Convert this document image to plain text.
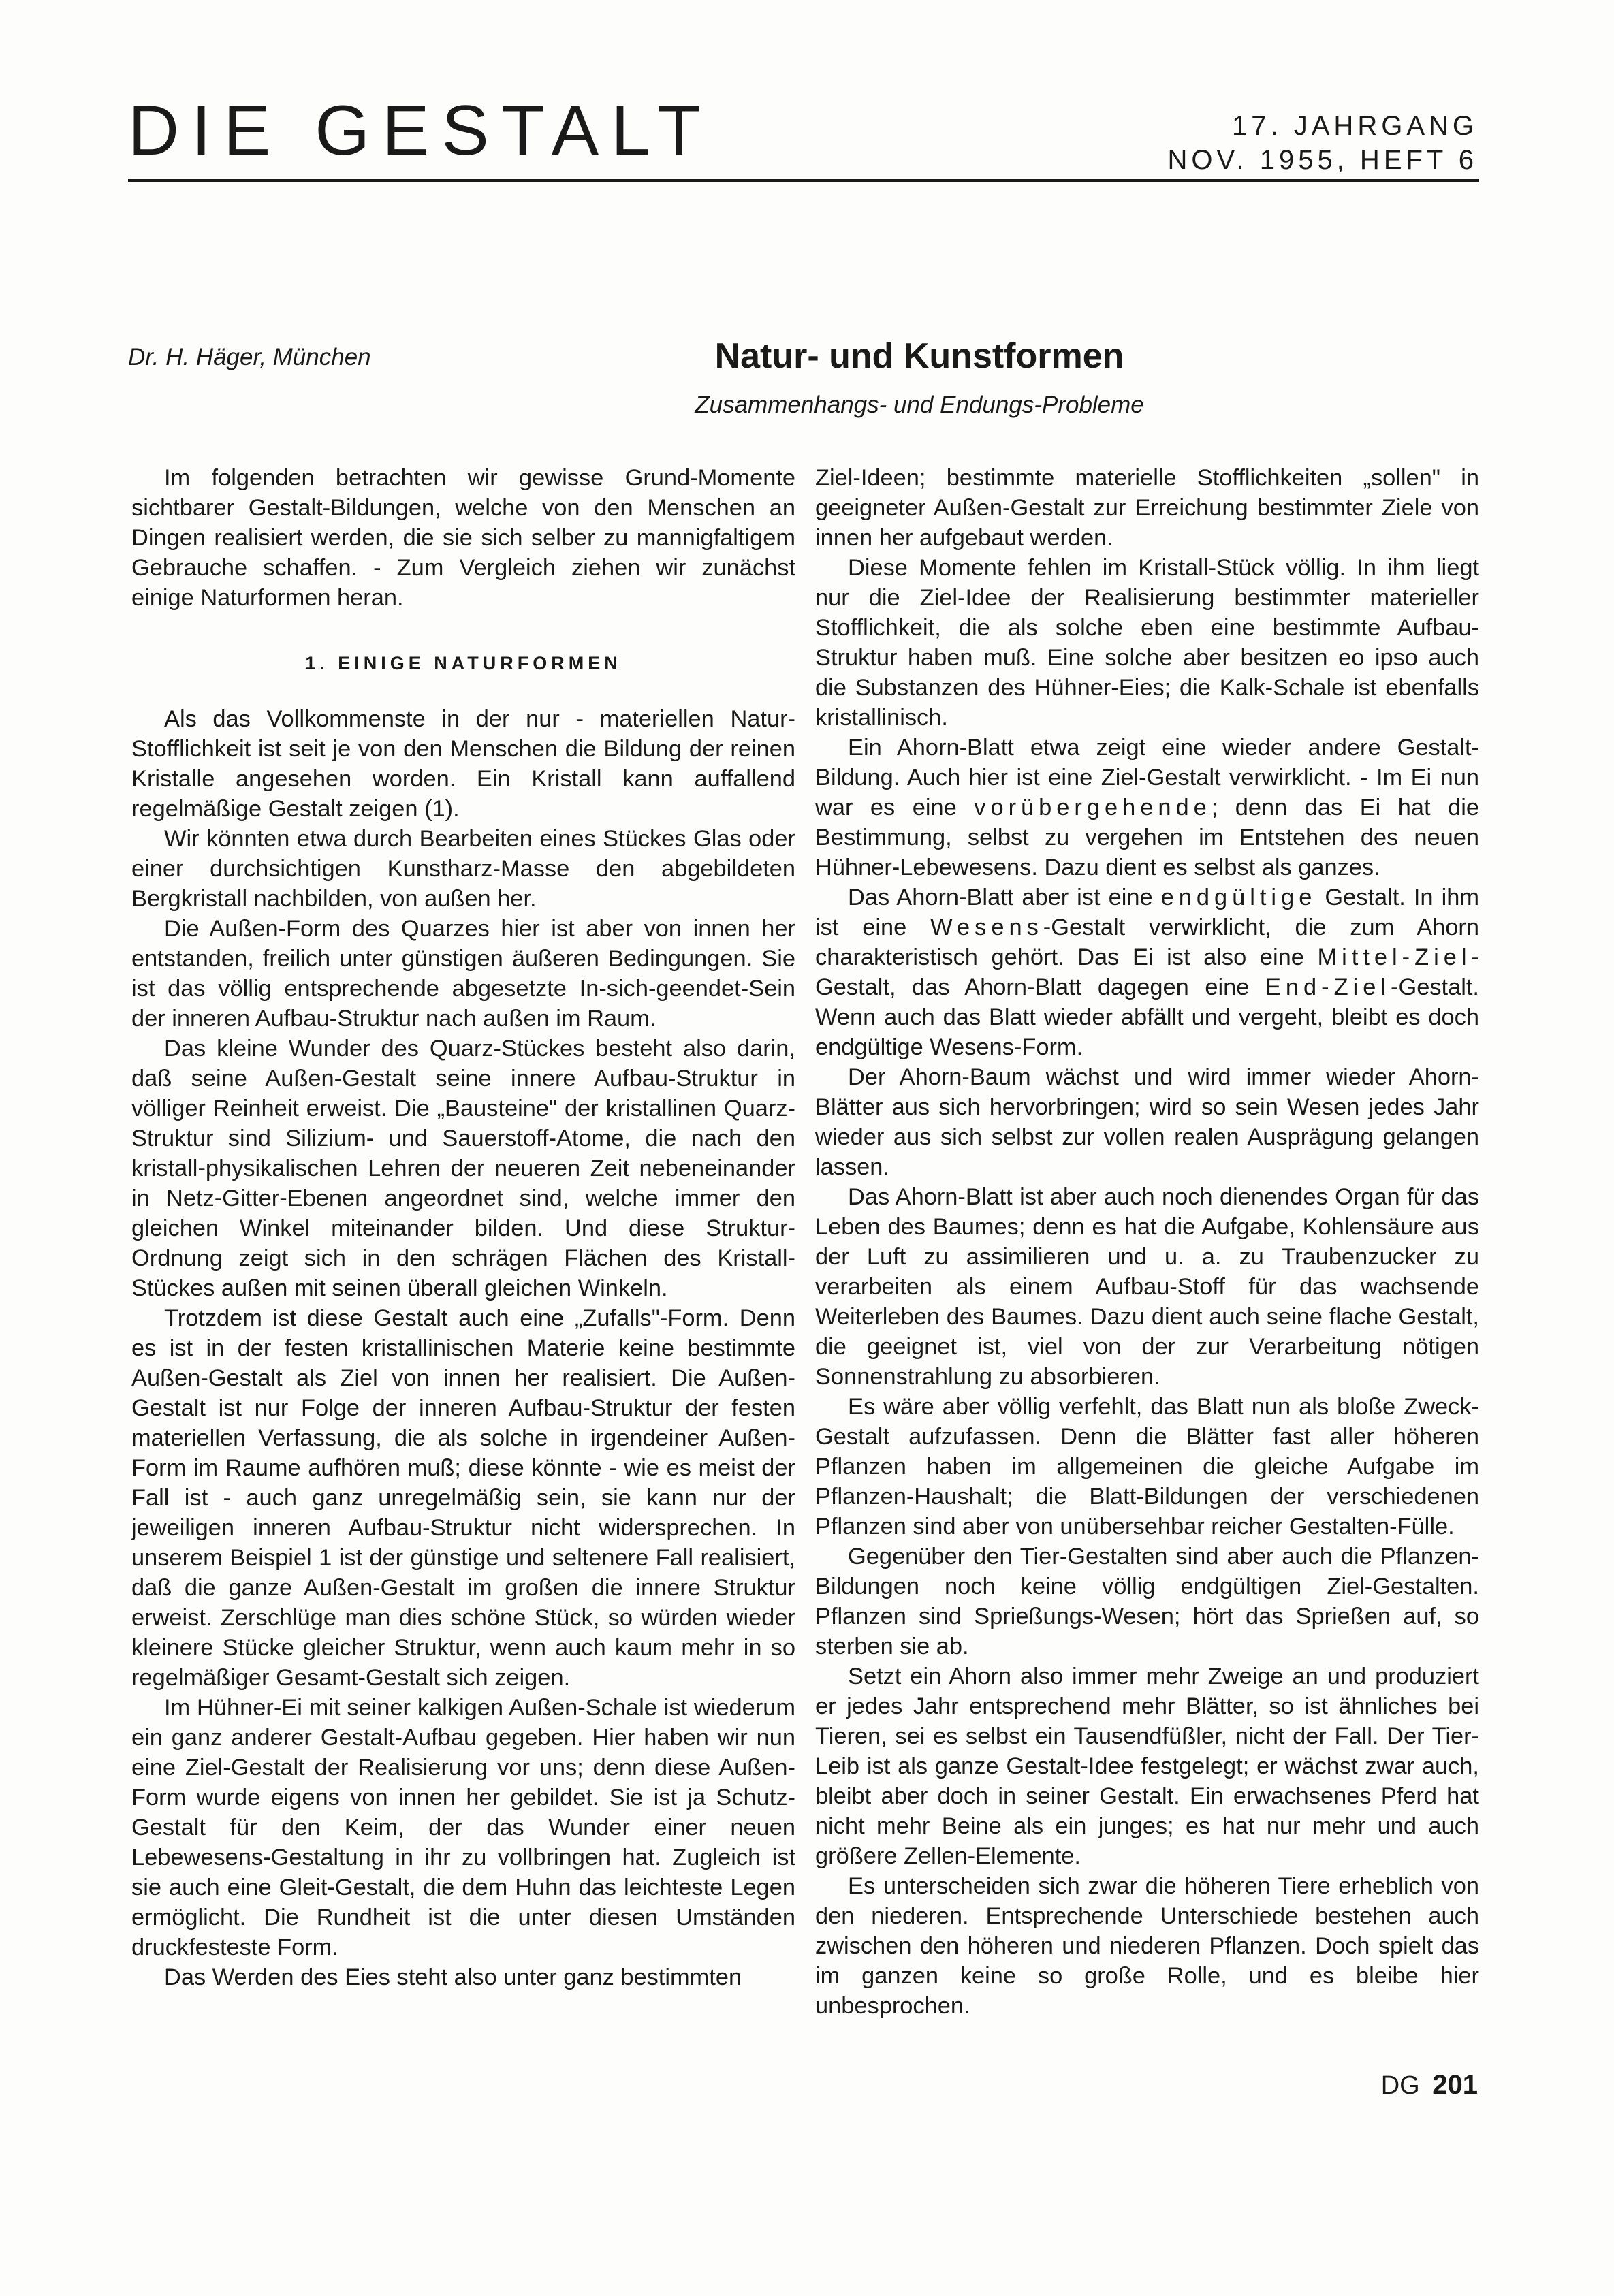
DIE GESTALT	17. JAHRGANG
NOV. 1955, HEFT 6
Dr. H. Häger, München	Natur- und Kunstformen
Zusammenhangs- und Endungs-Probleme

Im folgenden betrachten wir gewisse Grund-Momente sichtbarer Gestalt-Bildungen, welche von den Menschen an Dingen realisiert werden, die sie sich selber zu mannigfaltigem Gebrauche schaffen. - Zum Vergleich ziehen wir zunächst einige Naturformen heran.

1. EINIGE NATURFORMEN

Als das Vollkommenste in der nur - materiellen Natur-Stofflichkeit ist seit je von den Menschen die Bildung der reinen Kristalle angesehen worden. Ein Kristall kann auffallend regelmäßige Gestalt zeigen (1).

Wir könnten etwa durch Bearbeiten eines Stückes Glas oder einer durchsichtigen Kunstharz-Masse den abgebildeten Bergkristall nachbilden, von außen her.

Die Außen-Form des Quarzes hier ist aber von innen her entstanden, freilich unter günstigen äußeren Bedingungen. Sie ist das völlig entsprechende abgesetzte In-sich-geendet-Sein der inneren Aufbau-Struktur nach außen im Raum.

Das kleine Wunder des Quarz-Stückes besteht also darin, daß seine Außen-Gestalt seine innere Aufbau-Struktur in völliger Reinheit erweist. Die „Bausteine" der kristallinen Quarz-Struktur sind Silizium- und Sauerstoff-Atome, die nach den kristall-physikalischen Lehren der neueren Zeit nebeneinander in Netz-Gitter-Ebenen angeordnet sind, welche immer den gleichen Winkel miteinander bilden. Und diese Struktur-Ordnung zeigt sich in den schrägen Flächen des Kristall-Stückes außen mit seinen überall gleichen Winkeln.

Trotzdem ist diese Gestalt auch eine „Zufalls"-Form. Denn es ist in der festen kristallinischen Materie keine bestimmte Außen-Gestalt als Ziel von innen her realisiert. Die Außen-Gestalt ist nur Folge der inneren Aufbau-Struktur der festen materiellen Verfassung, die als solche in irgendeiner Außen-Form im Raume aufhören muß; diese könnte - wie es meist der Fall ist - auch ganz unregelmäßig sein, sie kann nur der jeweiligen inneren Aufbau-Struktur nicht widersprechen. In unserem Beispiel 1 ist der günstige und seltenere Fall realisiert, daß die ganze Außen-Gestalt im großen die innere Struktur erweist. Zerschlüge man dies schöne Stück, so würden wieder kleinere Stücke gleicher Struktur, wenn auch kaum mehr in so regelmäßiger Gesamt-Gestalt sich zeigen.

Im Hühner-Ei mit seiner kalkigen Außen-Schale ist wiederum ein ganz anderer Gestalt-Aufbau gegeben. Hier haben wir nun eine Ziel-Gestalt der Realisierung vor uns; denn diese Außen-Form wurde eigens von innen her gebildet. Sie ist ja Schutz-Gestalt für den Keim, der das Wunder einer neuen Lebewesens-Gestaltung in ihr zu vollbringen hat. Zugleich ist sie auch eine Gleit-Gestalt, die dem Huhn das leichteste Legen ermöglicht. Die Rundheit ist die unter diesen Umständen druckfesteste Form.

Das Werden des Eies steht also unter ganz bestimmten

Ziel-Ideen; bestimmte materielle Stofflichkeiten „sollen" in geeigneter Außen-Gestalt zur Erreichung bestimmter Ziele von innen her aufgebaut werden.

Diese Momente fehlen im Kristall-Stück völlig. In ihm liegt nur die Ziel-Idee der Realisierung bestimmter materieller Stofflichkeit, die als solche eben eine bestimmte Aufbau-Struktur haben muß. Eine solche aber besitzen eo ipso auch die Substanzen des Hühner-Eies; die Kalk-Schale ist ebenfalls kristallinisch.

Ein Ahorn-Blatt etwa zeigt eine wieder andere Gestalt-Bildung. Auch hier ist eine Ziel-Gestalt verwirklicht. - Im Ei nun war es eine vorübergehende; denn das Ei hat die Bestimmung, selbst zu vergehen im Entstehen des neuen Hühner-Lebewesens. Dazu dient es selbst als ganzes.

Das Ahorn-Blatt aber ist eine endgültige Gestalt. In ihm ist eine Wesens-Gestalt verwirklicht, die zum Ahorn charakteristisch gehört. Das Ei ist also eine Mittel-Ziel-Gestalt, das Ahorn-Blatt dagegen eine End-Ziel-Gestalt. Wenn auch das Blatt wieder abfällt und vergeht, bleibt es doch endgültige Wesens-Form.

Der Ahorn-Baum wächst und wird immer wieder Ahorn-Blätter aus sich hervorbringen; wird so sein Wesen jedes Jahr wieder aus sich selbst zur vollen realen Ausprägung gelangen lassen.

Das Ahorn-Blatt ist aber auch noch dienendes Organ für das Leben des Baumes; denn es hat die Aufgabe, Kohlensäure aus der Luft zu assimilieren und u. a. zu Traubenzucker zu verarbeiten als einem Aufbau-Stoff für das wachsende Weiterleben des Baumes. Dazu dient auch seine flache Gestalt, die geeignet ist, viel von der zur Verarbeitung nötigen Sonnenstrahlung zu absorbieren.

Es wäre aber völlig verfehlt, das Blatt nun als bloße Zweck-Gestalt aufzufassen. Denn die Blätter fast aller höheren Pflanzen haben im allgemeinen die gleiche Aufgabe im Pflanzen-Haushalt; die Blatt-Bildungen der verschiedenen Pflanzen sind aber von unübersehbar reicher Gestalten-Fülle.

Gegenüber den Tier-Gestalten sind aber auch die Pflanzen-Bildungen noch keine völlig endgültigen Ziel-Gestalten. Pflanzen sind Sprießungs-Wesen; hört das Sprießen auf, so sterben sie ab.

Setzt ein Ahorn also immer mehr Zweige an und produziert er jedes Jahr entsprechend mehr Blätter, so ist ähnliches bei Tieren, sei es selbst ein Tausendfüßler, nicht der Fall. Der Tier-Leib ist als ganze Gestalt-Idee festgelegt; er wächst zwar auch, bleibt aber doch in seiner Gestalt. Ein erwachsenes Pferd hat nicht mehr Beine als ein junges; es hat nur mehr und auch größere Zellen-Elemente.

Es unterscheiden sich zwar die höheren Tiere erheblich von den niederen. Entsprechende Unterschiede bestehen auch zwischen den höheren und niederen Pflanzen. Doch spielt das im ganzen keine so große Rolle, und es bleibe hier unbesprochen.

DG 201
